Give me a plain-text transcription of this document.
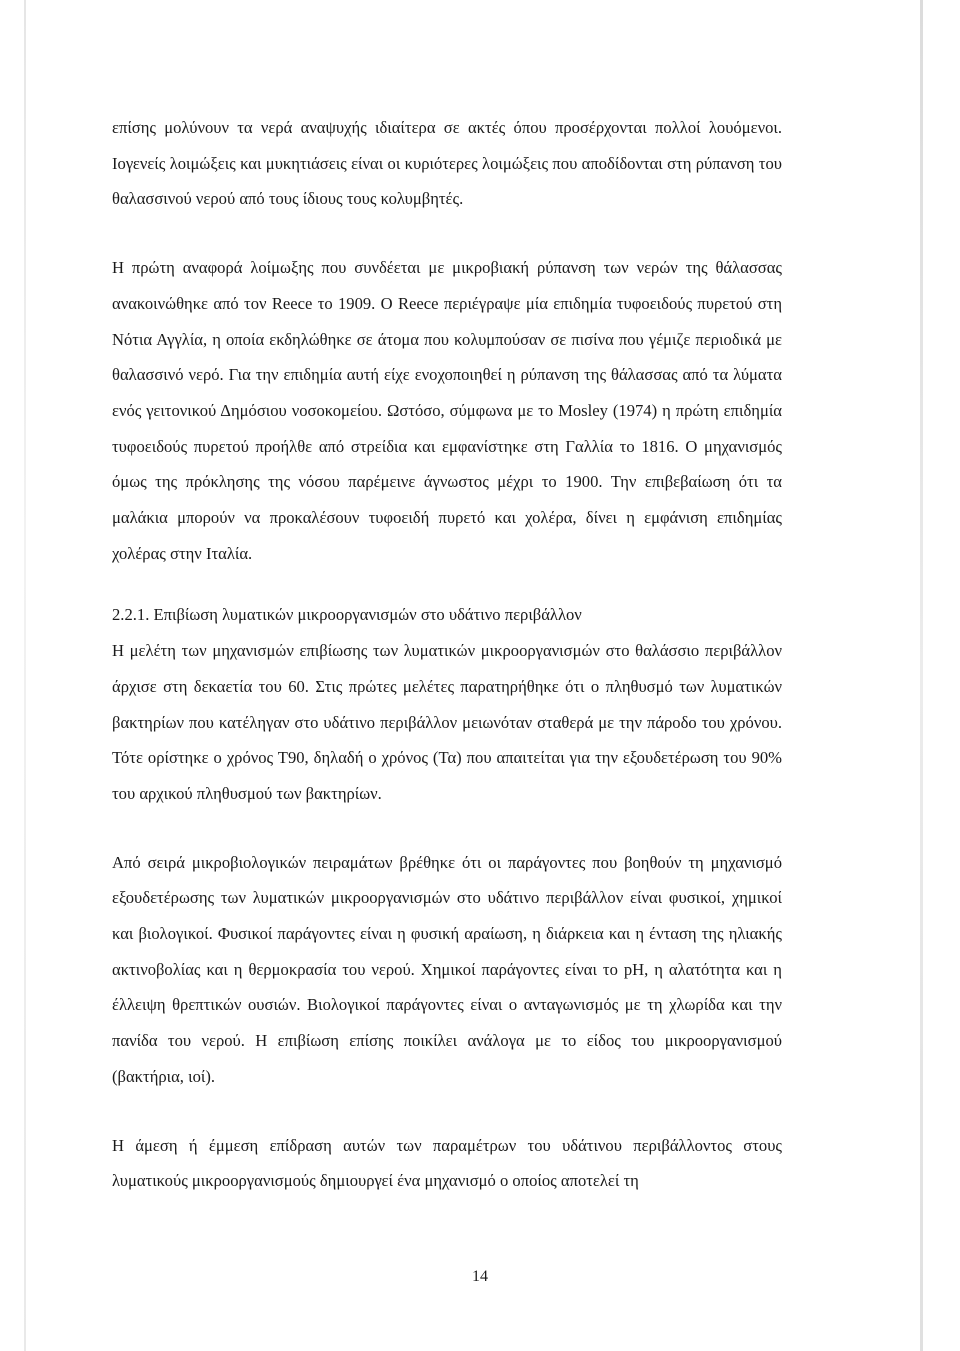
επίσης μολύνουν τα νερά αναψυχής ιδιαίτερα σε ακτές όπου προσέρχονται πολλοί λουόμενοι. Ιογενείς λοιμώξεις και μυκητιάσεις είναι οι κυριότερες λοιμώξεις που αποδίδονται στη ρύπανση του θαλασσινού νερού από τους ίδιους τους κολυμβητές.

Η πρώτη αναφορά λοίμωξης που συνδέεται με μικροβιακή ρύπανση των νερών της θάλασσας ανακοινώθηκε από τον Reece το 1909. Ο Reece περιέγραψε μία επιδημία τυφοειδούς πυρετού στη Νότια Αγγλία, η οποία εκδηλώθηκε σε άτομα που κολυμπούσαν σε πισίνα που γέμιζε περιοδικά με θαλασσινό νερό. Για την επιδημία αυτή είχε ενοχοποιηθεί η ρύπανση της θάλασσας από τα λύματα ενός γειτονικού Δημόσιου νοσοκομείου. Ωστόσο, σύμφωνα με το Mosley (1974) η πρώτη επιδημία τυφοειδούς πυρετού προήλθε από στρείδια και εμφανίστηκε στη Γαλλία το 1816. Ο μηχανισμός όμως της πρόκλησης της νόσου παρέμεινε άγνωστος μέχρι το 1900. Την επιβεβαίωση ότι τα μαλάκια μπορούν να προκαλέσουν τυφοειδή πυρετό και χολέρα, δίνει η εμφάνιση επιδημίας χολέρας στην Ιταλία.

2.2.1. Επιβίωση λυματικών μικροοργανισμών στο υδάτινο περιβάλλον

Η μελέτη των μηχανισμών επιβίωσης των λυματικών μικροοργανισμών στο θαλάσσιο περιβάλλον άρχισε στη δεκαετία του 60. Στις πρώτες μελέτες παρατηρήθηκε ότι ο πληθυσμό των λυματικών βακτηρίων που κατέληγαν στο υδάτινο περιβάλλον μειωνόταν σταθερά με την πάροδο του χρόνου. Τότε ορίστηκε ο χρόνος Τ90, δηλαδή ο χρόνος (Τα) που απαιτείται για την εξουδετέρωση του 90% του αρχικού πληθυσμού των βακτηρίων.

Από σειρά μικροβιολογικών πειραμάτων βρέθηκε ότι οι παράγοντες που βοηθούν τη μηχανισμό εξουδετέρωσης των λυματικών μικροοργανισμών στο υδάτινο περιβάλλον είναι φυσικοί, χημικοί και βιολογικοί. Φυσικοί παράγοντες είναι η φυσική αραίωση, η διάρκεια και η ένταση της ηλιακής ακτινοβολίας και η θερμοκρασία του νερού. Χημικοί παράγοντες είναι το pH, η αλατότητα και η έλλειψη θρεπτικών ουσιών. Βιολογικοί παράγοντες είναι ο ανταγωνισμός με τη χλωρίδα και την πανίδα του νερού. Η επιβίωση επίσης ποικίλει ανάλογα με το είδος του μικροοργανισμού (βακτήρια, ιοί).

Η άμεση ή έμμεση επίδραση αυτών των παραμέτρων του υδάτινου περιβάλλοντος στους λυματικούς μικροοργανισμούς δημιουργεί ένα μηχανισμό ο οποίος αποτελεί τη

14
